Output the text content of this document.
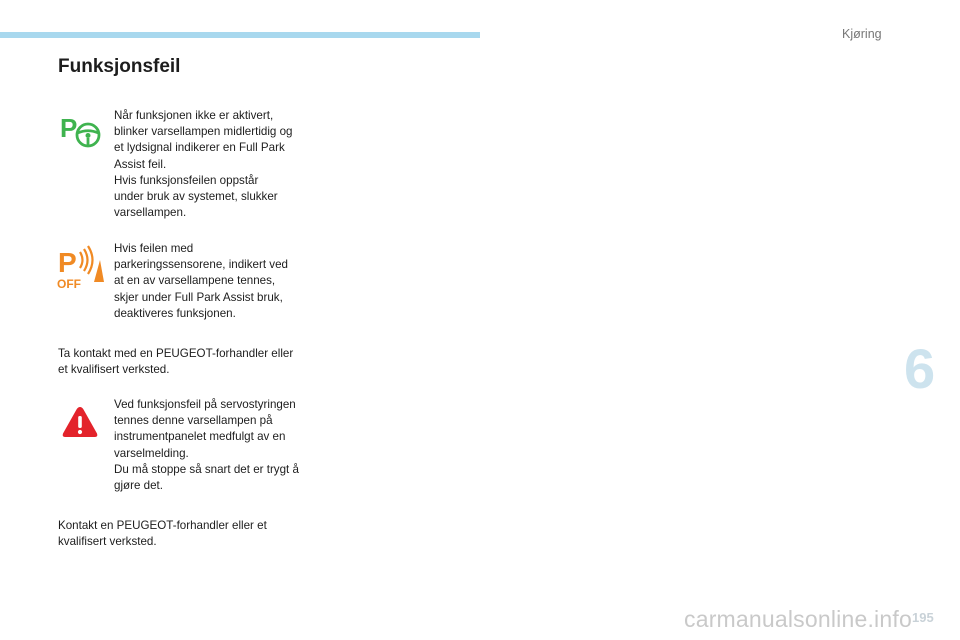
Kjøring
Funksjonsfeil
P	Når funksjonen ikke er aktivert,
blinker varsellampen midlertidig og
et lydsignal indikerer en Full Park
Assist feil.
Hvis funksjonsfeilen oppstår
under bruk av systemet, slukker
varsellampen.
P
OFF
Hvis feilen med
parkeringssensorene, indikert ved
at en av varsellampene tennes,
skjer under Full Park Assist bruk,
deaktiveres funksjonen.
Ta kontakt med en PEUGEOT-forhandler eller
et kvalifisert verksted.
Ved funksjonsfeil på servostyringen
tennes denne varsellampen på
instrumentpanelet medfulgt av en
varselmelding.
Du må stoppe så snart det er trygt å
gjøre det.
Kontakt en PEUGEOT-forhandler eller et
kvalifisert verksted.
6
carmanualsonline.info 195
